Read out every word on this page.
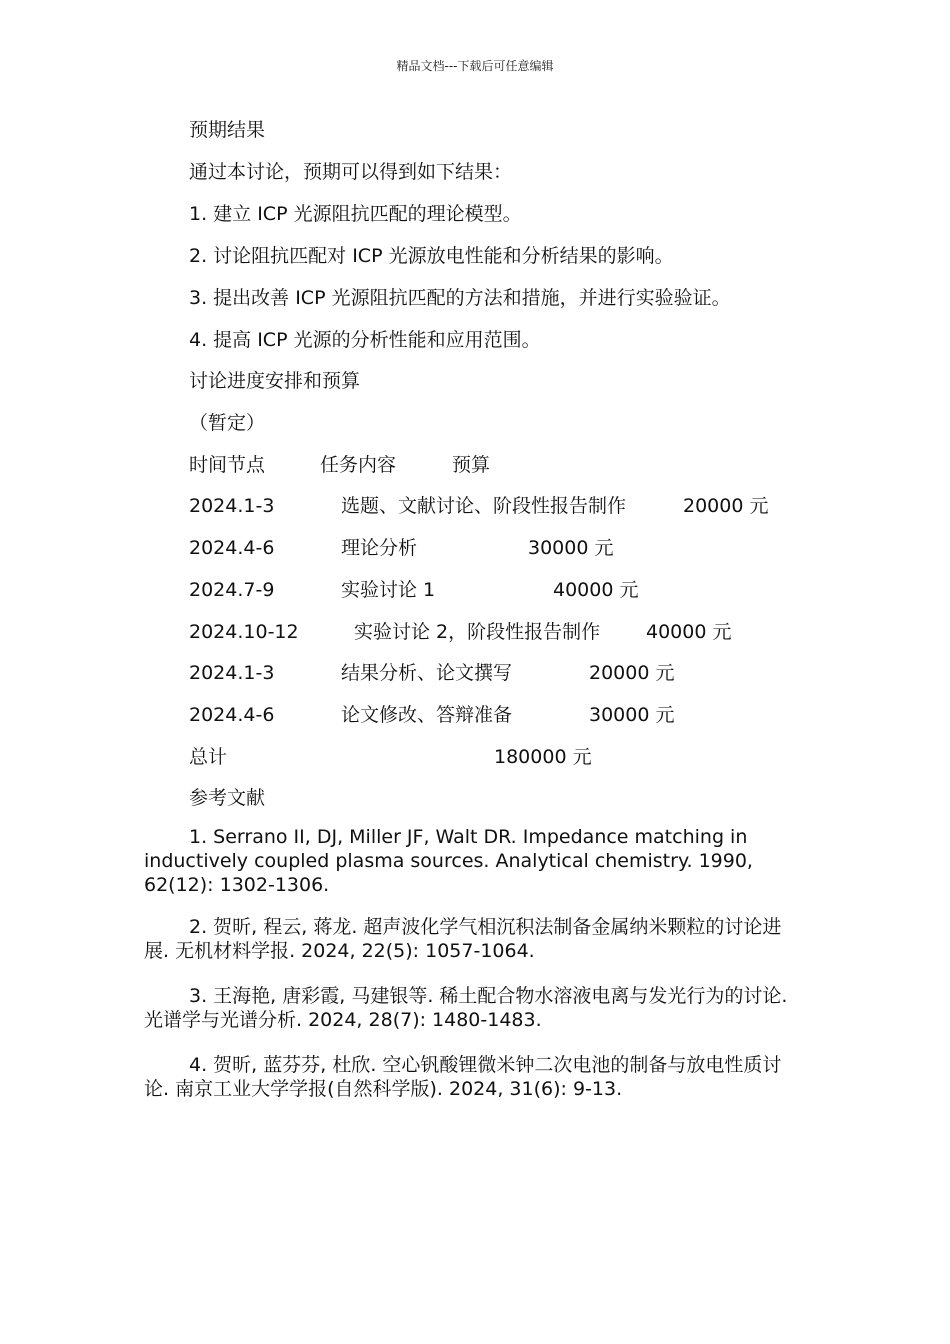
精品文档---下载后可任意编辑
预期结果
通过本讨论，预期可以得到如下结果：
1. 建立 ICP 光源阻抗匹配的理论模型。
2. 讨论阻抗匹配对 ICP 光源放电性能和分析结果的影响。
3. 提出改善 ICP 光源阻抗匹配的方法和措施，并进行实验验证。
4. 提高 ICP 光源的分析性能和应用范围。
讨论进度安排和预算
（暂定）
时间节点	任务内容	预算
2024.1-3	选题、文献讨论、阶段性报告制作	20000 元
2024.4-6	理论分析	30000 元
2024.7-9	实验讨论 1	40000 元
2024.10-12	实验讨论 2，阶段性报告制作 40000 元
2024.1-3	结果分析、论文撰写	20000 元
2024.4-6	论文修改、答辩准备	30000 元
总计	180000 元
参考文献
1. Serrano II, DJ, Miller JF, Walt DR. Impedance matching in inductively coupled plasma sources. Analytical chemistry. 1990, 62(12): 1302-1306.
2. 贺昕, 程云, 蒋龙. 超声波化学气相沉积法制备金属纳米颗粒的讨论进展. 无机材料学报. 2024, 22(5): 1057-1064.
3. 王海艳, 唐彩霞, 马建银等. 稀土配合物水溶液电离与发光行为的讨论. 光谱学与光谱分析. 2024, 28(7): 1480-1483.
4. 贺昕, 蓝芬芬, 杜欣. 空心钒酸锂微米钟二次电池的制备与放电性质讨论. 南京工业大学学报(自然科学版). 2024, 31(6): 9-13.
